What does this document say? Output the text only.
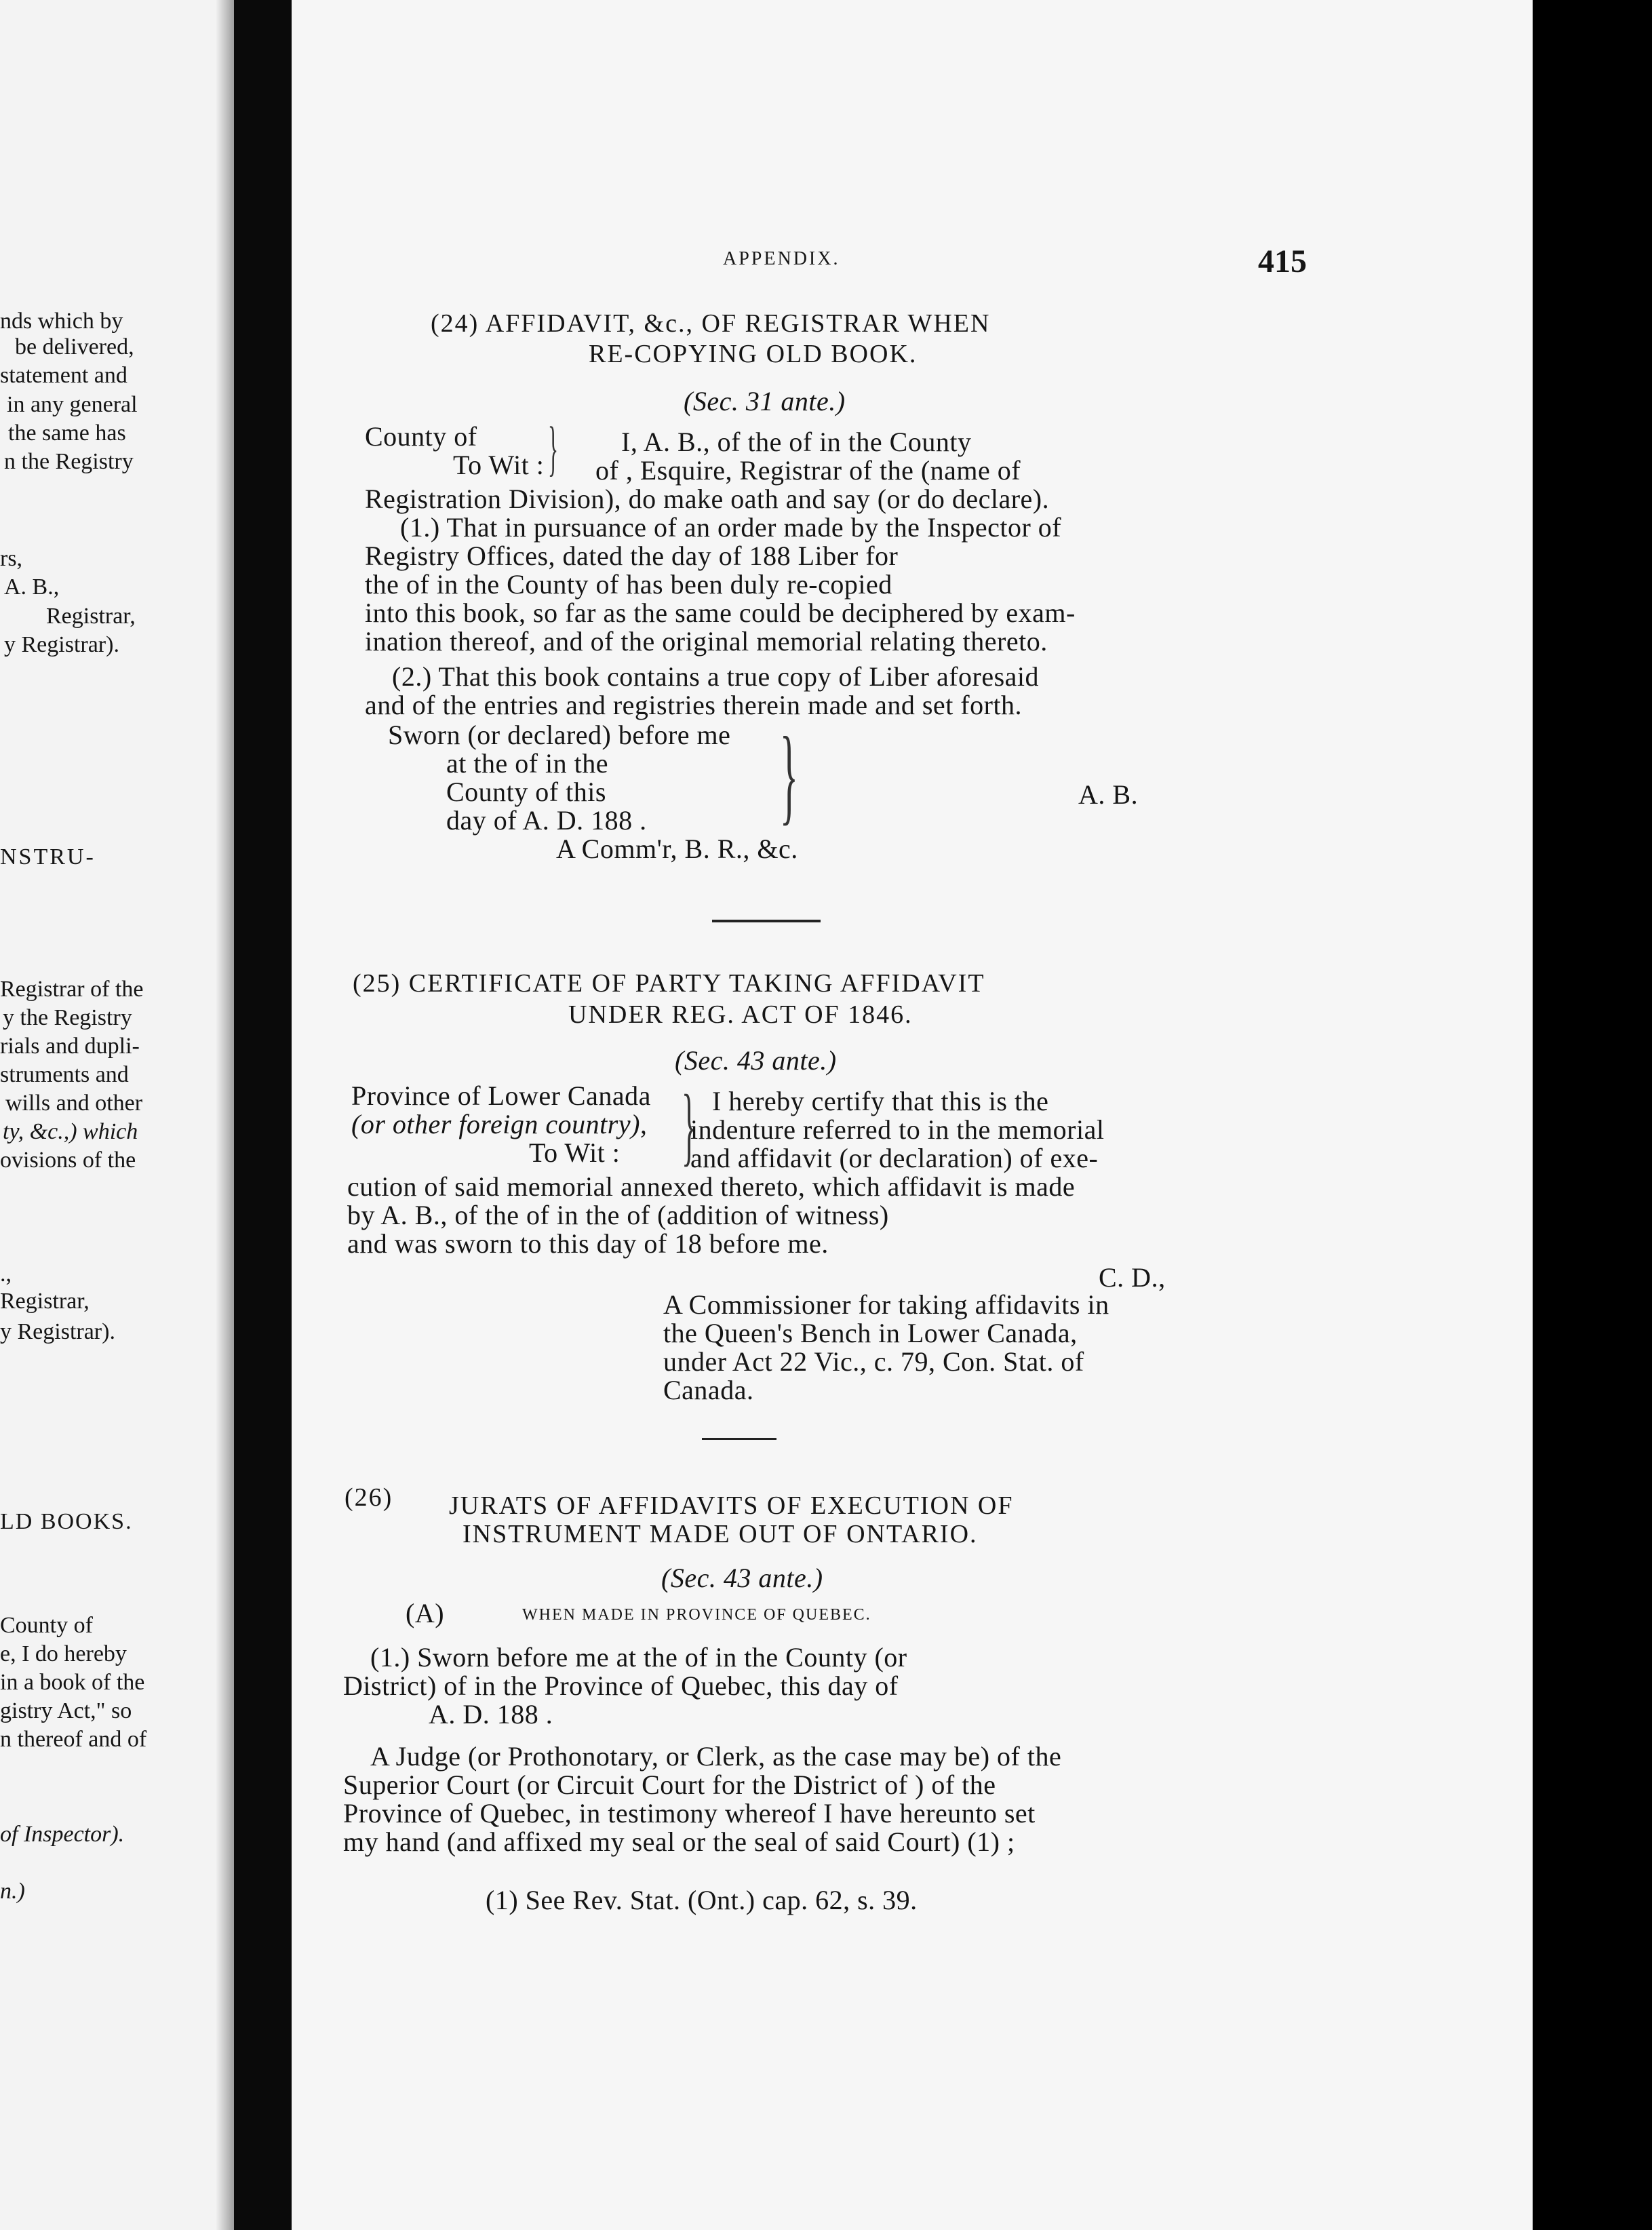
nds which by
be delivered,
statement and
in any general
the same has
n the Registry
rs,
A. B.,
Registrar,
y Registrar).
NSTRU-
Registrar of the
y the Registry
rials and dupli-
struments and
wills and other
ty, &c.,) which
ovisions of the
.,
Registrar,
y Registrar).
LD BOOKS.
County of
e, I do hereby
in a book of the
gistry Act," so
n thereof and of
of Inspector).
n.)
APPENDIX.	415
(24) AFFIDAVIT, &c., OF REGISTRAR WHEN
RE-COPYING OLD BOOK.
(Sec. 31 ante.)
County of
To Wit : } I, A. B., of the of in the County
of , Esquire, Registrar of the (name of
Registration Division), do make oath and say (or do declare).
(1.) That in pursuance of an order made by the Inspector of
Registry Offices, dated the day of 188 Liber for
the of in the County of has been duly re-copied
into this book, so far as the same could be deciphered by exam-
ination thereof, and of the original memorial relating thereto.
(2.) That this book contains a true copy of Liber aforesaid
and of the entries and registries therein made and set forth.
Sworn (or declared) before me
at the of in the
County of this
day of A. D. 188 . }
A Comm'r, B. R., &c.
A. B.
(25) CERTIFICATE OF PARTY TAKING AFFIDAVIT
UNDER REG. ACT OF 1846.
(Sec. 43 ante.)
Province of Lower Canada
(or other foreign country),
To Wit : } I hereby certify that this is the
indenture referred to in the memorial
and affidavit (or declaration) of exe-
cution of said memorial annexed thereto, which affidavit is made
by A. B., of the of in the of (addition of witness)
and was sworn to this day of 18 before me.
C. D.,
A Commissioner for taking affidavits in
the Queen's Bench in Lower Canada,
under Act 22 Vic., c. 79, Con. Stat. of
Canada.
(26) JURATS OF AFFIDAVITS OF EXECUTION OF
INSTRUMENT MADE OUT OF ONTARIO.
(Sec. 43 ante.)
(A)	WHEN MADE IN PROVINCE OF QUEBEC.
(1.) Sworn before me at the of in the County (or
District) of in the Province of Quebec, this day of
A. D. 188 .
A Judge (or Prothonotary, or Clerk, as the case may be) of the
Superior Court (or Circuit Court for the District of ) of the
Province of Quebec, in testimony whereof I have hereunto set
my hand (and affixed my seal or the seal of said Court) (1) ;
(1) See Rev. Stat. (Ont.) cap. 62, s. 39.
